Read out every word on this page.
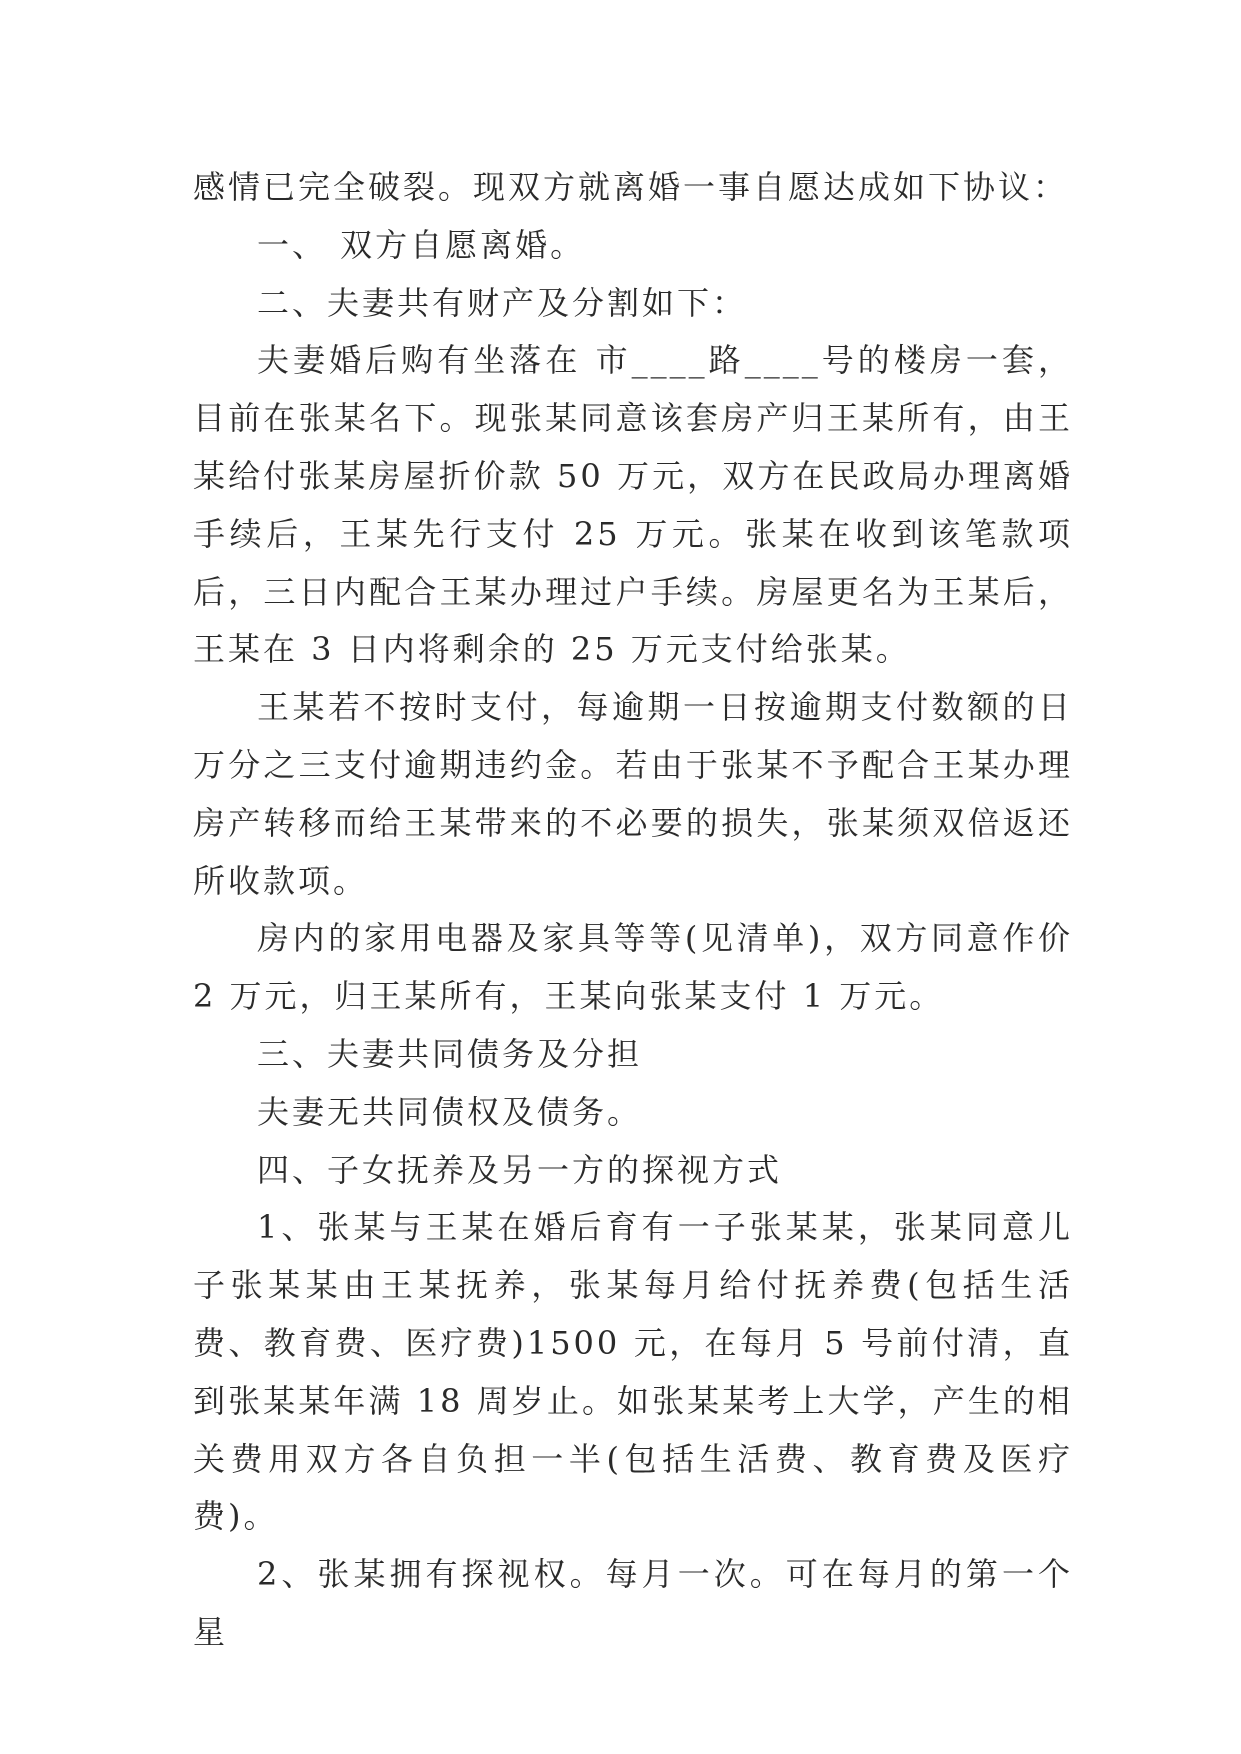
感情已完全破裂。现双方就离婚一事自愿达成如下协议：

一、 双方自愿离婚。

二、夫妻共有财产及分割如下：

夫妻婚后购有坐落在 市____路____号的楼房一套，目前在张某名下。现张某同意该套房产归王某所有，由王某给付张某房屋折价款 50 万元，双方在民政局办理离婚手续后，王某先行支付 25 万元。张某在收到该笔款项后，三日内配合王某办理过户手续。房屋更名为王某后，王某在 3 日内将剩余的 25 万元支付给张某。

王某若不按时支付，每逾期一日按逾期支付数额的日万分之三支付逾期违约金。若由于张某不予配合王某办理房产转移而给王某带来的不必要的损失，张某须双倍返还所收款项。

房内的家用电器及家具等等(见清单)，双方同意作价 2 万元，归王某所有，王某向张某支付 1 万元。

三、夫妻共同债务及分担

夫妻无共同债权及债务。

四、子女抚养及另一方的探视方式

1、张某与王某在婚后育有一子张某某，张某同意儿子张某某由王某抚养，张某每月给付抚养费(包括生活费、教育费、医疗费)1500 元，在每月 5 号前付清，直到张某某年满 18 周岁止。如张某某考上大学，产生的相关费用双方各自负担一半(包括生活费、教育费及医疗费)。

2、张某拥有探视权。每月一次。可在每月的第一个星
